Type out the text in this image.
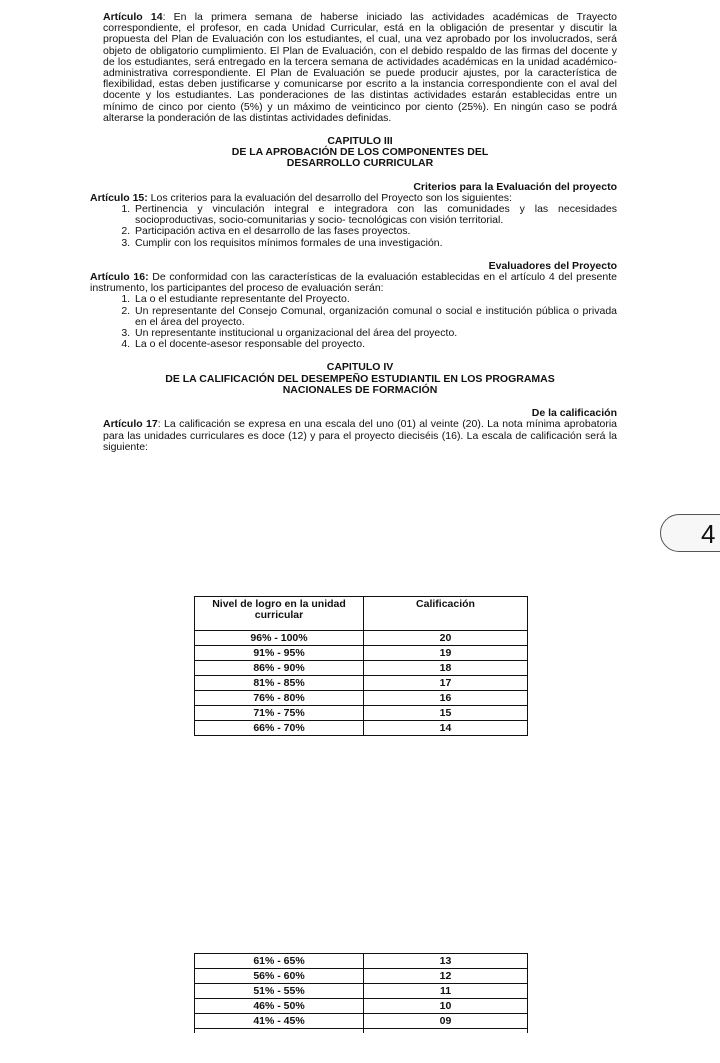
Artículo 14: En la primera semana de haberse iniciado las actividades académicas de Trayecto correspondiente, el profesor, en cada Unidad Curricular, está en la obligación de presentar y discutir la propuesta del Plan de Evaluación con los estudiantes, el cual, una vez aprobado por los involucrados, será objeto de obligatorio cumplimiento. El Plan de Evaluación, con el debido respaldo de las firmas del docente y de los estudiantes, será entregado en la tercera semana de actividades académicas en la unidad académico-administrativa correspondiente. El Plan de Evaluación se puede producir ajustes, por la característica de flexibilidad, estas deben justificarse y comunicarse por escrito a la instancia correspondiente con el aval del docente y los estudiantes. Las ponderaciones de las distintas actividades estarán establecidas entre un mínimo de cinco por ciento (5%) y un máximo de veinticinco por ciento (25%). En ningún caso se podrá alterarse la ponderación de las distintas actividades definidas.

CAPITULO III
DE LA APROBACIÓN DE LOS COMPONENTES DEL
DESARROLLO CURRICULAR
Criterios para la Evaluación del proyecto

Artículo 15: Los criterios para la evaluación del desarrollo del Proyecto son los siguientes:

1. Pertinencia y vinculación integral e integradora con las comunidades y las necesidades socioproductivas, socio-comunitarias y socio- tecnológicas con visión territorial.
2. Participación activa en el desarrollo de las fases proyectos.
3. Cumplir con los requisitos mínimos formales de una investigación.
Evaluadores del Proyecto

Artículo 16: De conformidad con las características de la evaluación establecidas en el artículo 4 del presente instrumento, los participantes del proceso de evaluación serán:

1. La o el estudiante representante del Proyecto.
2. Un representante del Consejo Comunal, organización comunal o social e institución pública o privada en el área del proyecto.
3. Un representante institucional u organizacional del área del proyecto.
4. La o el docente-asesor responsable del proyecto.
CAPITULO IV
DE LA CALIFICACIÓN DEL DESEMPEÑO ESTUDIANTIL EN LOS PROGRAMAS
NACIONALES DE FORMACIÓN
De la calificación

Artículo 17: La calificación se expresa en una escala del uno (01) al veinte (20). La nota mínima aprobatoria para las unidades curriculares es doce (12) y para el proyecto dieciséis (16). La escala de calificación será la siguiente:

4
Nivel de logro en la unidad curricular	Calificación
96% - 100%	20
91% - 95%	19
86% - 90%	18
81% - 85%	17
76% - 80%	16
71% - 75%	15
66% - 70%	14
61% - 65%	13
56% - 60%	12
51% - 55%	11
46% - 50%	10
41% - 45%	09
